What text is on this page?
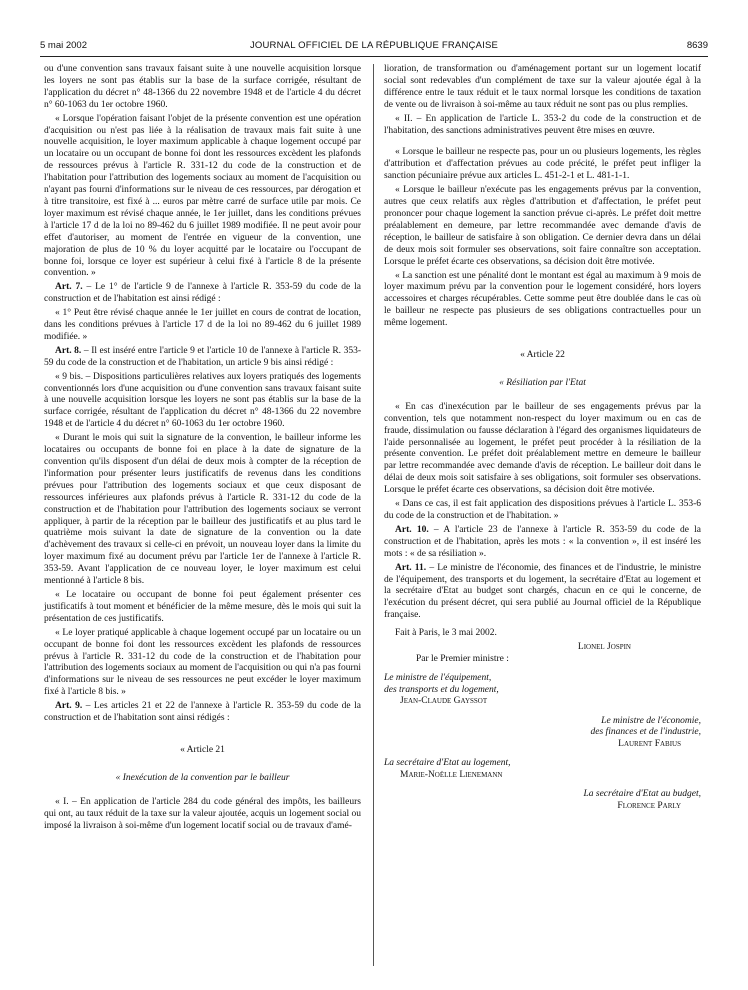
5 mai 2002	JOURNAL OFFICIEL DE LA RÉPUBLIQUE FRANÇAISE	8639

ou d'une convention sans travaux faisant suite à une nouvelle acquisition lorsque les loyers ne sont pas établis sur la base de la surface corrigée, résultant de l'application du décret n° 48-1366 du 22 novembre 1948 et de l'article 4 du décret n° 60-1063 du 1er octobre 1960.

« Lorsque l'opération faisant l'objet de la présente convention est une opération d'acquisition ou n'est pas liée à la réalisation de travaux mais fait suite à une nouvelle acquisition, le loyer maximum applicable à chaque logement occupé par un locataire ou un occupant de bonne foi dont les ressources excèdent les plafonds de ressources prévus à l'article R. 331-12 du code de la construction et de l'habitation pour l'attribution des logements sociaux au moment de l'acquisition ou n'ayant pas fourni d'informations sur le niveau de ces ressources, par dérogation et à titre transitoire, est fixé à ... euros par mètre carré de surface utile par mois. Ce loyer maximum est révisé chaque année, le 1er juillet, dans les conditions prévues à l'article 17 d de la loi no 89-462 du 6 juillet 1989 modifiée. Il ne peut avoir pour effet d'autoriser, au moment de l'entrée en vigueur de la convention, une majoration de plus de 10 % du loyer acquitté par le locataire ou l'occupant de bonne foi, lorsque ce loyer est supérieur à celui fixé à l'article 8 de la présente convention. »

Art. 7. – Le 1° de l'article 9 de l'annexe à l'article R. 353-59 du code de la construction et de l'habitation est ainsi rédigé :

« 1° Peut être révisé chaque année le 1er juillet en cours de contrat de location, dans les conditions prévues à l'article 17 d de la loi no 89-462 du 6 juillet 1989 modifiée. »

Art. 8. – Il est inséré entre l'article 9 et l'article 10 de l'annexe à l'article R. 353-59 du code de la construction et de l'habitation, un article 9 bis ainsi rédigé :

« 9 bis. – Dispositions particulières relatives aux loyers pratiqués des logements conventionnés lors d'une acquisition ou d'une convention sans travaux faisant suite à une nouvelle acquisition lorsque les loyers ne sont pas établis sur la base de la surface corrigée, résultant de l'application du décret n° 48-1366 du 22 novembre 1948 et de l'article 4 du décret n° 60-1063 du 1er octobre 1960.

« Durant le mois qui suit la signature de la convention, le bailleur informe les locataires ou occupants de bonne foi en place à la date de signature de la convention qu'ils disposent d'un délai de deux mois à compter de la réception de l'information pour présenter leurs justificatifs de revenus dans les conditions prévues pour l'attribution des logements sociaux et que ceux disposant de ressources inférieures aux plafonds prévus à l'article R. 331-12 du code de la construction et de l'habitation pour l'attribution des logements sociaux se verront appliquer, à partir de la réception par le bailleur des justificatifs et au plus tard le quatrième mois suivant la date de signature de la convention ou la date d'achèvement des travaux si celle-ci en prévoit, un nouveau loyer dans la limite du loyer maximum fixé au document prévu par l'article 1er de l'annexe à l'article R. 353-59. Avant l'application de ce nouveau loyer, le loyer maximum est celui mentionné à l'article 8 bis.

« Le locataire ou occupant de bonne foi peut également présenter ces justificatifs à tout moment et bénéficier de la même mesure, dès le mois qui suit la présentation de ces justificatifs.

« Le loyer pratiqué applicable à chaque logement occupé par un locataire ou un occupant de bonne foi dont les ressources excèdent les plafonds de ressources prévus à l'article R. 331-12 du code de la construction et de l'habitation pour l'attribution des logements sociaux au moment de l'acquisition ou qui n'a pas fourni d'informations sur le niveau de ses ressources ne peut excéder le loyer maximum fixé à l'article 8 bis. »

Art. 9. – Les articles 21 et 22 de l'annexe à l'article R. 353-59 du code de la construction et de l'habitation sont ainsi rédigés :

« Article 21

« Inexécution de la convention par le bailleur

« I. – En application de l'article 284 du code général des impôts, les bailleurs qui ont, au taux réduit de la taxe sur la valeur ajoutée, acquis un logement social ou imposé la livraison à soi-même d'un logement locatif social ou de travaux d'amé-

lioration, de transformation ou d'aménagement portant sur un logement locatif social sont redevables d'un complément de taxe sur la valeur ajoutée égal à la différence entre le taux réduit et le taux normal lorsque les conditions de taxation de vente ou de livraison à soi-même au taux réduit ne sont pas ou plus remplies.

« II. – En application de l'article L. 353-2 du code de la construction et de l'habitation, des sanctions administratives peuvent être mises en œuvre.

« Lorsque le bailleur ne respecte pas, pour un ou plusieurs logements, les règles d'attribution et d'affectation prévues au code précité, le préfet peut infliger la sanction pécuniaire prévue aux articles L. 451-2-1 et L. 481-1-1.

« Lorsque le bailleur n'exécute pas les engagements prévus par la convention, autres que ceux relatifs aux règles d'attribution et d'affectation, le préfet peut prononcer pour chaque logement la sanction prévue ci-après. Le préfet doit mettre préalablement en demeure, par lettre recommandée avec demande d'avis de réception, le bailleur de satisfaire à son obligation. Ce dernier devra dans un délai de deux mois soit formuler ses observations, soit faire connaître son acceptation. Lorsque le préfet écarte ces observations, sa décision doit être motivée.

« La sanction est une pénalité dont le montant est égal au maximum à 9 mois de loyer maximum prévu par la convention pour le logement considéré, hors loyers accessoires et charges récupérables. Cette somme peut être doublée dans le cas où le bailleur ne respecte pas plusieurs de ses obligations contractuelles pour un même logement.

« Article 22

« Résiliation par l'Etat

« En cas d'inexécution par le bailleur de ses engagements prévus par la convention, tels que notamment non-respect du loyer maximum ou en cas de fraude, dissimulation ou fausse déclaration à l'égard des organismes liquidateurs de l'aide personnalisée au logement, le préfet peut procéder à la résiliation de la présente convention. Le préfet doit préalablement mettre en demeure le bailleur par lettre recommandée avec demande d'avis de réception. Le bailleur doit dans le délai de deux mois soit satisfaire à ses obligations, soit formuler ses observations. Lorsque le préfet écarte ces observations, sa décision doit être motivée.

« Dans ce cas, il est fait application des dispositions prévues à l'article L. 353-6 du code de la construction et de l'habitation. »

Art. 10. – A l'article 23 de l'annexe à l'article R. 353-59 du code de la construction et de l'habitation, après les mots : « la convention », il est inséré les mots : « de sa résiliation ».

Art. 11. – Le ministre de l'économie, des finances et de l'industrie, le ministre de l'équipement, des transports et du logement, la secrétaire d'Etat au logement et la secrétaire d'Etat au budget sont chargés, chacun en ce qui le concerne, de l'exécution du présent décret, qui sera publié au Journal officiel de la République française.

Fait à Paris, le 3 mai 2002.

Lionel Jospin

Par le Premier ministre :

Le ministre de l'équipement,

des transports et du logement,

Jean-Claude Gayssot

Le ministre de l'économie,

des finances et de l'industrie,

Laurent Fabius

La secrétaire d'Etat au logement,

Marie-Noëlle Lienemann

La secrétaire d'Etat au budget,

Florence Parly
